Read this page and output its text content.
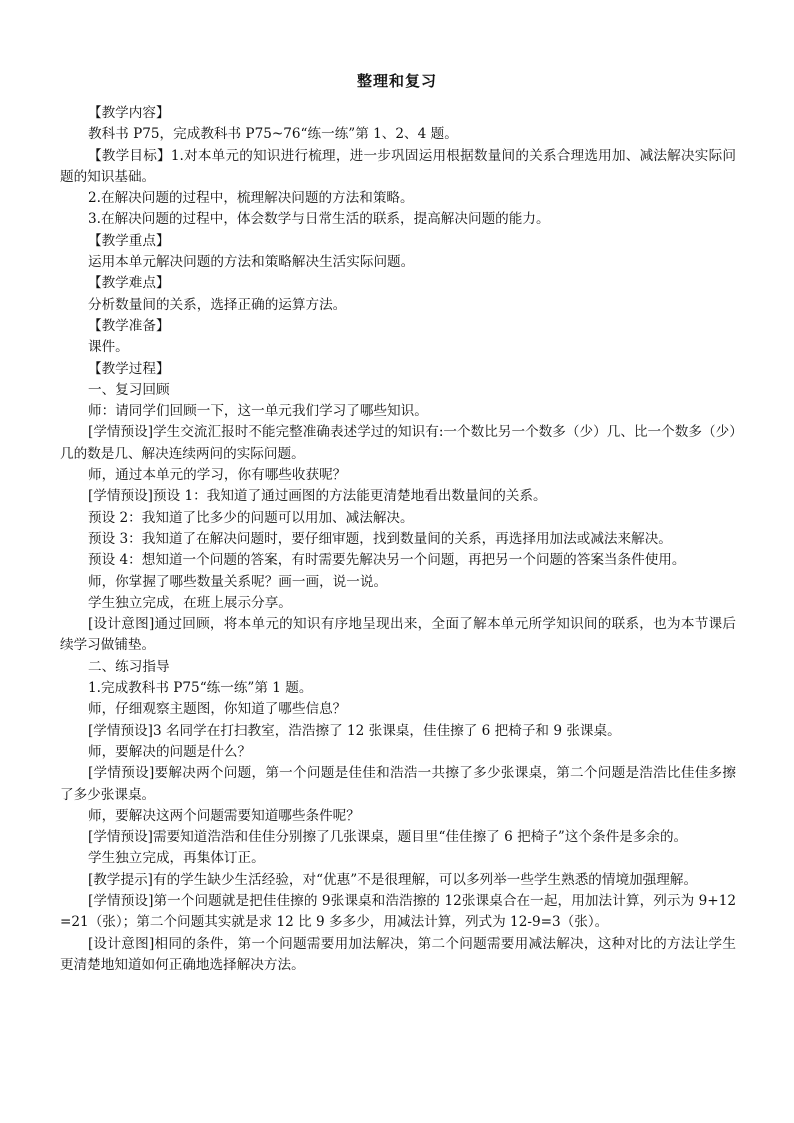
整理和复习

【教学内容】

教科书 P75，完成教科书 P75~76“练一练”第 1、2、4 题。

【教学目标】1.对本单元的知识进行梳理，进一步巩固运用根据数量间的关系合理选用加、减法解决实际问题的知识基础。

2.在解决问题的过程中，梳理解决问题的方法和策略。

3.在解决问题的过程中，体会数学与日常生活的联系，提高解决问题的能力。

【教学重点】

运用本单元解决问题的方法和策略解决生活实际问题。

【教学难点】

分析数量间的关系，选择正确的运算方法。

【教学准备】

课件。

【教学过程】

一、复习回顾

师：请同学们回顾一下，这一单元我们学习了哪些知识。

[学情预设]学生交流汇报时不能完整准确表述学过的知识有:一个数比另一个数多（少）几、比一个数多（少）几的数是几、解决连续两问的实际问题。

师，通过本单元的学习，你有哪些收获呢？

[学情预设]预设 1：我知道了通过画图的方法能更清楚地看出数量间的关系。

预设 2：我知道了比多少的问题可以用加、减法解决。

预设 3：我知道了在解决问题时，要仔细审题，找到数量间的关系，再选择用加法或减法来解决。

预设 4：想知道一个问题的答案，有时需要先解决另一个问题，再把另一个问题的答案当条件使用。

师，你掌握了哪些数量关系呢？画一画，说一说。

学生独立完成，在班上展示分享。

[设计意图]通过回顾，将本单元的知识有序地呈现出来，全面了解本单元所学知识间的联系，也为本节课后续学习做铺垫。

二、练习指导

1.完成教科书 P75“练一练”第 1 题。

师，仔细观察主题图，你知道了哪些信息？

[学情预设]3 名同学在打扫教室，浩浩擦了 12 张课桌，佳佳擦了 6 把椅子和 9 张课桌。

师，要解决的问题是什么？

[学情预设]要解决两个问题，第一个问题是佳佳和浩浩一共擦了多少张课桌，第二个问题是浩浩比佳佳多擦了多少张课桌。

师，要解决这两个问题需要知道哪些条件呢？

[学情预设]需要知道浩浩和佳佳分别擦了几张课桌，题目里“佳佳擦了 6 把椅子”这个条件是多余的。

学生独立完成，再集体订正。

[教学提示]有的学生缺少生活经验，对“优惠”不是很理解，可以多列举一些学生熟悉的情境加强理解。

[学情预设]第一个问题就是把佳佳擦的 9张课桌和浩浩擦的 12张课桌合在一起，用加法计算，列示为 9+12=21（张）；第二个问题其实就是求 12 比 9 多多少，用减法计算，列式为 12-9=3（张）。

[设计意图]相同的条件，第一个问题需要用加法解决，第二个问题需要用减法解决，这种对比的方法让学生更清楚地知道如何正确地选择解决方法。
